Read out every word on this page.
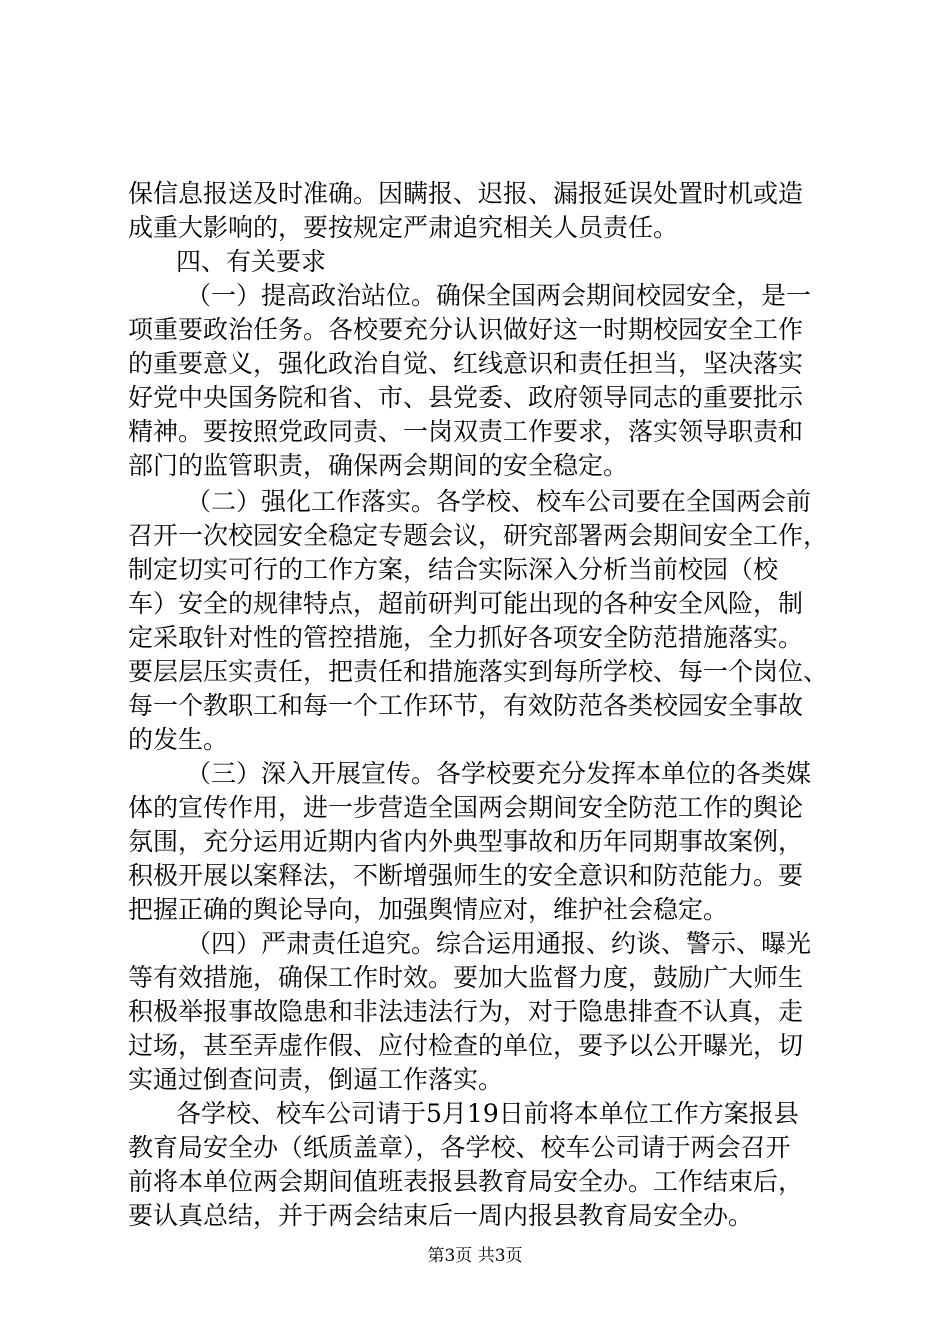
保信息报送及时准确。因瞒报、迟报、漏报延误处置时机或造
成重大影响的，要按规定严肃追究相关人员责任。
四、有关要求
（一）提高政治站位。确保全国两会期间校园安全，是一
项重要政治任务。各校要充分认识做好这一时期校园安全工作
的重要意义，强化政治自觉、红线意识和责任担当，坚决落实
好党中央国务院和省、市、县党委、政府领导同志的重要批示
精神。要按照党政同责、一岗双责工作要求，落实领导职责和
部门的监管职责，确保两会期间的安全稳定。
（二）强化工作落实。各学校、校车公司要在全国两会前
召开一次校园安全稳定专题会议，研究部署两会期间安全工作，
制定切实可行的工作方案，结合实际深入分析当前校园（校
车）安全的规律特点，超前研判可能出现的各种安全风险，制
定采取针对性的管控措施，全力抓好各项安全防范措施落实。
要层层压实责任，把责任和措施落实到每所学校、每一个岗位、
每一个教职工和每一个工作环节，有效防范各类校园安全事故
的发生。
（三）深入开展宣传。各学校要充分发挥本单位的各类媒
体的宣传作用，进一步营造全国两会期间安全防范工作的舆论
氛围，充分运用近期内省内外典型事故和历年同期事故案例，
积极开展以案释法，不断增强师生的安全意识和防范能力。要
把握正确的舆论导向，加强舆情应对，维护社会稳定。
（四）严肃责任追究。综合运用通报、约谈、警示、曝光
等有效措施，确保工作时效。要加大监督力度，鼓励广大师生
积极举报事故隐患和非法违法行为，对于隐患排查不认真，走
过场，甚至弄虚作假、应付检查的单位，要予以公开曝光，切
实通过倒查问责，倒逼工作落实。
各学校、校车公司请于5月19日前将本单位工作方案报县
教育局安全办（纸质盖章），各学校、校车公司请于两会召开
前将本单位两会期间值班表报县教育局安全办。工作结束后，
要认真总结，并于两会结束后一周内报县教育局安全办。
第3页 共3页
